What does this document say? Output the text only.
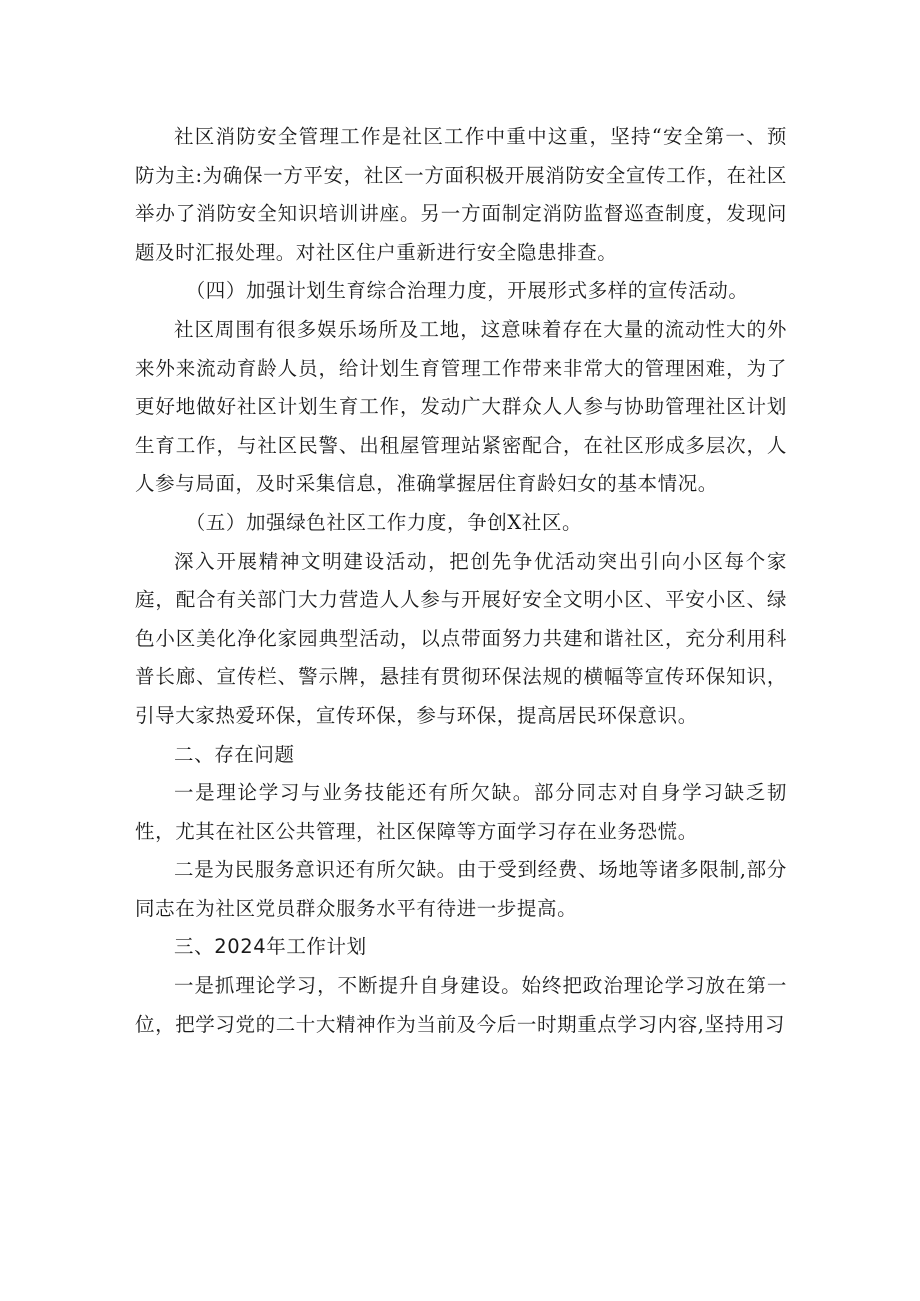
社区消防安全管理工作是社区工作中重中这重，坚持“安全第一、预防为主:为确保一方平安，社区一方面积极开展消防安全宣传工作，在社区举办了消防安全知识培训讲座。另一方面制定消防监督巡查制度，发现问题及时汇报处理。对社区住户重新进行安全隐患排查。

（四）加强计划生育综合治理力度，开展形式多样的宣传活动。

社区周围有很多娱乐场所及工地，这意味着存在大量的流动性大的外来外来流动育龄人员，给计划生育管理工作带来非常大的管理困难，为了更好地做好社区计划生育工作，发动广大群众人人参与协助管理社区计划生育工作，与社区民警、出租屋管理站紧密配合，在社区形成多层次，人人参与局面，及时采集信息，准确掌握居住育龄妇女的基本情况。

（五）加强绿色社区工作力度，争创X社区。

深入开展精神文明建设活动，把创先争优活动突出引向小区每个家庭，配合有关部门大力营造人人参与开展好安全文明小区、平安小区、绿色小区美化净化家园典型活动，以点带面努力共建和谐社区，充分利用科普长廊、宣传栏、警示牌，悬挂有贯彻环保法规的横幅等宣传环保知识，引导大家热爱环保，宣传环保，参与环保，提高居民环保意识。

二、存在问题

一是理论学习与业务技能还有所欠缺。部分同志对自身学习缺乏韧性，尤其在社区公共管理，社区保障等方面学习存在业务恐慌。

二是为民服务意识还有所欠缺。由于受到经费、场地等诸多限制,部分同志在为社区党员群众服务水平有待进一步提高。

三、2024年工作计划

一是抓理论学习，不断提升自身建设。始终把政治理论学习放在第一位，把学习党的二十大精神作为当前及今后一时期重点学习内容,坚持用习
